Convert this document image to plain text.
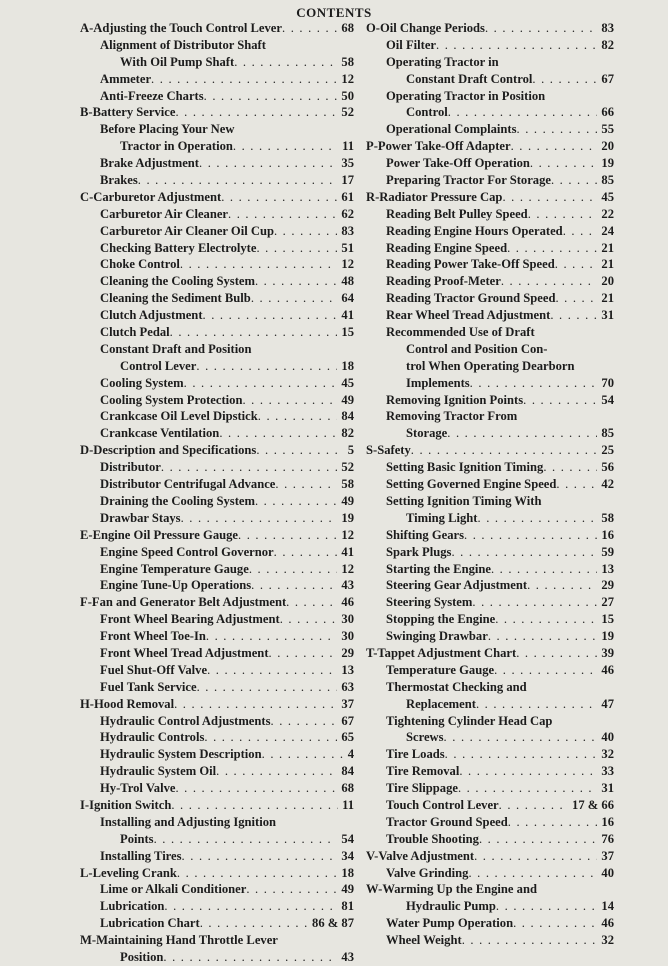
CONTENTS
A-Adjusting the Touch Control Lever . . .	68
Alignment of Distributor Shaft
With Oil Pump Shaft . . .	58
Ammeter . . .	12
Anti-Freeze Charts . . .	50
B-Battery Service . . .	52
Before Placing Your New
Tractor in Operation . . .	11
Brake Adjustment . . .	35
Brakes . . .	17
C-Carburetor Adjustment . . .	61
Carburetor Air Cleaner . . .	62
Carburetor Air Cleaner Oil Cup . . .	83
Checking Battery Electrolyte . . .	51
Choke Control . . .	12
Cleaning the Cooling System . . .	48
Cleaning the Sediment Bulb . . .	64
Clutch Adjustment . . .	41
Clutch Pedal . . .	15
Constant Draft and Position
Control Lever . . .	18
Cooling System . . .	45
Cooling System Protection . . .	49
Crankcase Oil Level Dipstick . . .	84
Crankcase Ventilation . . .	82
D-Description and Specifications . . .	5
Distributor . . .	52
Distributor Centrifugal Advance . . .	58
Draining the Cooling System . . .	49
Drawbar Stays . . .	19
E-Engine Oil Pressure Gauge . . .	12
Engine Speed Control Governor . . .	41
Engine Temperature Gauge . . .	12
Engine Tune-Up Operations . . .	43
F-Fan and Generator Belt Adjustment . . .	46
Front Wheel Bearing Adjustment . . .	30
Front Wheel Toe-In . . .	30
Front Wheel Tread Adjustment . . .	29
Fuel Shut-Off Valve . . .	13
Fuel Tank Service . . .	63
H-Hood Removal . . .	37
Hydraulic Control Adjustments . . .	67
Hydraulic Controls . . .	65
Hydraulic System Description . . .	4
Hydraulic System Oil . . .	84
Hy-Trol Valve . . .	68
I-Ignition Switch . . .	11
Installing and Adjusting Ignition
Points . . .	54
Installing Tires . . .	34
L-Leveling Crank . . .	18
Lime or Alkali Conditioner . . .	49
Lubrication . . .	81
Lubrication Chart . . .	86 & 87
M-Maintaining Hand Throttle Lever
Position . . .	43
O-Oil Change Periods . . .	83
Oil Filter . . .	82
Operating Tractor in
Constant Draft Control . . .	67
Operating Tractor in Position
Control . . .	66
Operational Complaints . . .	55
P-Power Take-Off Adapter . . .	20
Power Take-Off Operation . . .	19
Preparing Tractor For Storage . . .	85
R-Radiator Pressure Cap . . .	45
Reading Belt Pulley Speed . . .	22
Reading Engine Hours Operated . . .	24
Reading Engine Speed . . .	21
Reading Power Take-Off Speed . . .	21
Reading Proof-Meter . . .	20
Reading Tractor Ground Speed . . .	21
Rear Wheel Tread Adjustment . . .	31
Recommended Use of Draft
Control and Position Con-
trol When Operating Dearborn
Implements . . .	70
Removing Ignition Points . . .	54
Removing Tractor From
Storage . . .	85
S-Safety . . .	25
Setting Basic Ignition Timing . . .	56
Setting Governed Engine Speed . . .	42
Setting Ignition Timing With
Timing Light . . .	58
Shifting Gears . . .	16
Spark Plugs . . .	59
Starting the Engine . . .	13
Steering Gear Adjustment . . .	29
Steering System . . .	27
Stopping the Engine . . .	15
Swinging Drawbar . . .	19
T-Tappet Adjustment Chart . . .	39
Temperature Gauge . . .	46
Thermostat Checking and
Replacement . . .	47
Tightening Cylinder Head Cap
Screws . . .	40
Tire Loads . . .	32
Tire Removal . . .	33
Tire Slippage . . .	31
Touch Control Lever . . .	17 & 66
Tractor Ground Speed . . .	16
Trouble Shooting . . .	76
V-Valve Adjustment . . .	37
Valve Grinding . . .	40
W-Warming Up the Engine and
Hydraulic Pump . . .	14
Water Pump Operation . . .	46
Wheel Weight . . .	32
